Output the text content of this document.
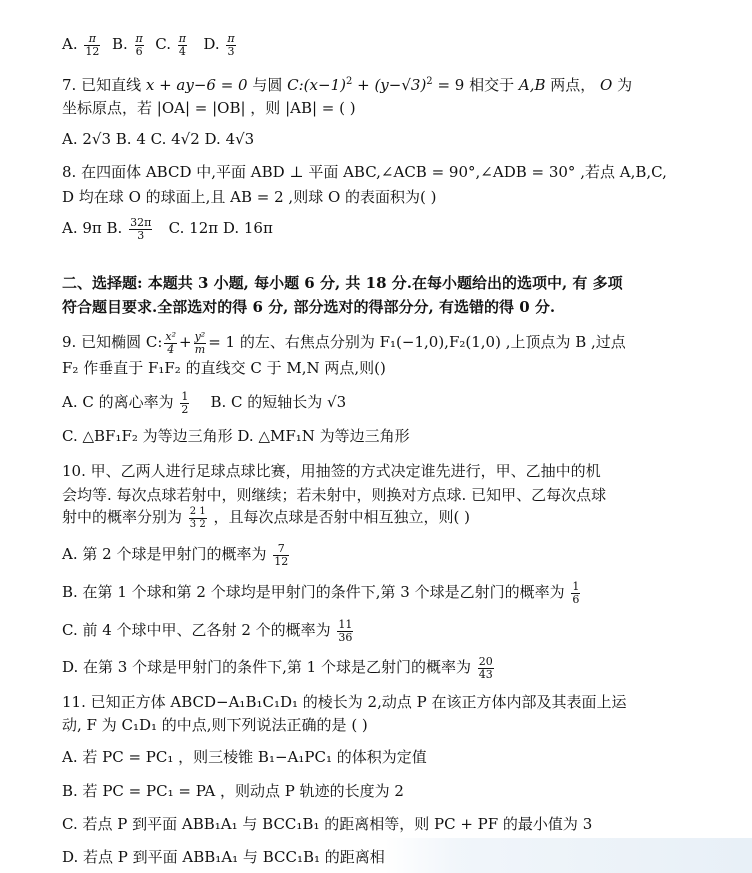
A. $\frac{\pi}{12} B$. $\frac{\pi}{6} C$. $\frac{\pi}{4} D$. $\frac{\pi}{3}$
7. 已知直线 x + ay−6 = 0 与圆 $C:(x-1)^2 + (y-√3)^2 = 9$ 相交于 A,B 两点， O 为
坐标原点，若 |OA| = |OB| ，则 |AB| = ( )
A. 2√3 B. 4 C. 4√2 D. 4√3
8. 在四面体 ABCD 中,平面 ABD ⊥ 平面 ABC,∠ACB = 90°,∠ADB = 30° ,若点 A,B,C,
D 均在球 O 的球面上,且 AB = 2 ,则球 O 的表面积为( )
A. 9π B. $\frac{32\pi}{3} C$. 12π D. 16π
二、选择题: 本题共 3 小题, 每小题 6 分, 共 18 分.在每小题给出的选项中, 有 多项
符合题目要求.全部选对的得 6 分, 部分选对的得部分分, 有选错的得 0 分.
9. 已知椭圆 C: $\frac{\text{x²}}{4} + \frac{\text{y²}}{m} = 1$ 的左、右焦点分别为 F₁(−1,0),F₂(1,0) ,上顶点为 B ,过点
F₂ 作垂直于 F₁F₂ 的直线交 C 于 M,N 两点,则()
A. C 的离心率为 $\frac{1}{2} B$. C 的短轴长为 √3
C. △BF₁F₂ 为等边三角形 D. △MF₁N 为等边三角形
10. 甲、乙两人进行足球点球比赛，用抽签的方式决定谁先进行，甲、乙抽中的机
会均等. 每次点球若射中，则继续；若未射中，则换对方点球. 已知甲、乙每次点球
射中的概率分别为 $\frac{2 1}{3 2}$ ，且每次点球是否射中相互独立，则( )
A. 第 2 个球是甲射门的概率为 $\frac{7}{12}$
B. 在第 1 个球和第 2 个球均是甲射门的条件下,第 3 个球是乙射门的概率为 $\frac{1}{6}$
C. 前 4 个球中甲、乙各射 2 个的概率为 $\frac{11}{36}$
D. 在第 3 个球是甲射门的条件下,第 1 个球是乙射门的概率为 $\frac{20}{43}$
11. 已知正方体 ABCD−A₁B₁C₁D₁ 的棱长为 2,动点 P 在该正方体内部及其表面上运
动, F 为 C₁D₁ 的中点,则下列说法正确的是 ( )
A. 若 PC = PC₁ ，则三棱锥 B₁−A₁PC₁ 的体积为定值
B. 若 PC = PC₁ = PA ，则动点 P 轨迹的长度为 2
C. 若点 P 到平面 ABB₁A₁ 与 BCC₁B₁ 的距离相等，则 PC + PF 的最小值为 3
D. 若点 P 到平面 ABB₁A₁ 与 BCC₁B₁ 的距离相
